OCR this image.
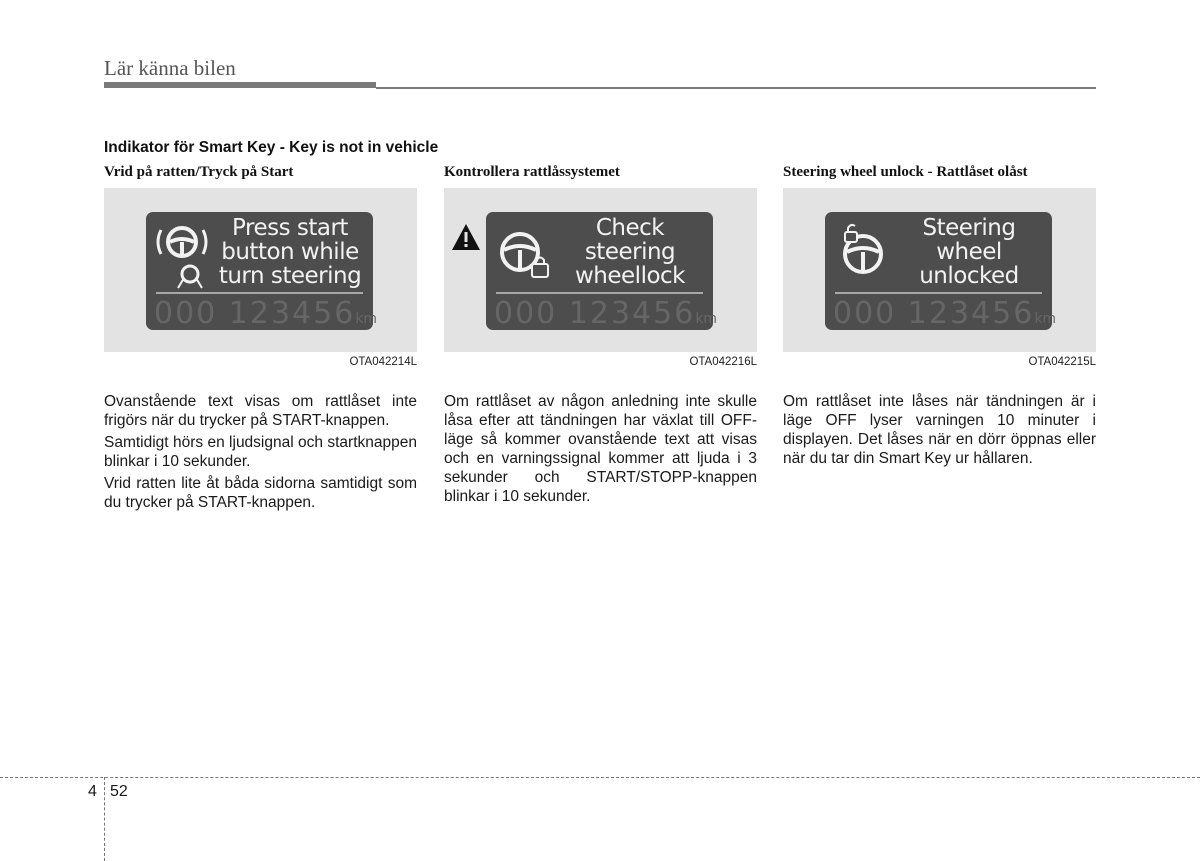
Lär känna bilen
Indikator för Smart Key - Key is not in vehicle
Vrid på ratten/Tryck på Start
Press start
button while
turn steering
000 123456km
OTA042214L

Ovanstående text visas om rattlåset inte frigörs när du trycker på START-knappen.

Samtidigt hörs en ljudsignal och startknappen blinkar i 10 sekunder.

Vrid ratten lite åt båda sidorna samtidigt som du trycker på START-knappen.

Kontrollera rattlåssystemet
Check
steering
wheellock
000 123456km
OTA042216L

Om rattlåset av någon anledning inte skulle låsa efter att tändningen har växlat till OFF-läge så kommer ovanstående text att visas och en varningssignal kommer att ljuda i 3 sekunder och START/STOPP-knappen blinkar i 10 sekunder.

Steering wheel unlock - Rattlåset olåst
Steering
wheel
unlocked
000 123456km
OTA042215L

Om rattlåset inte låses när tändningen är i läge OFF lyser varningen 10 minuter i displayen. Det låses när en dörr öppnas eller när du tar din Smart Key ur hållaren.

4 52
